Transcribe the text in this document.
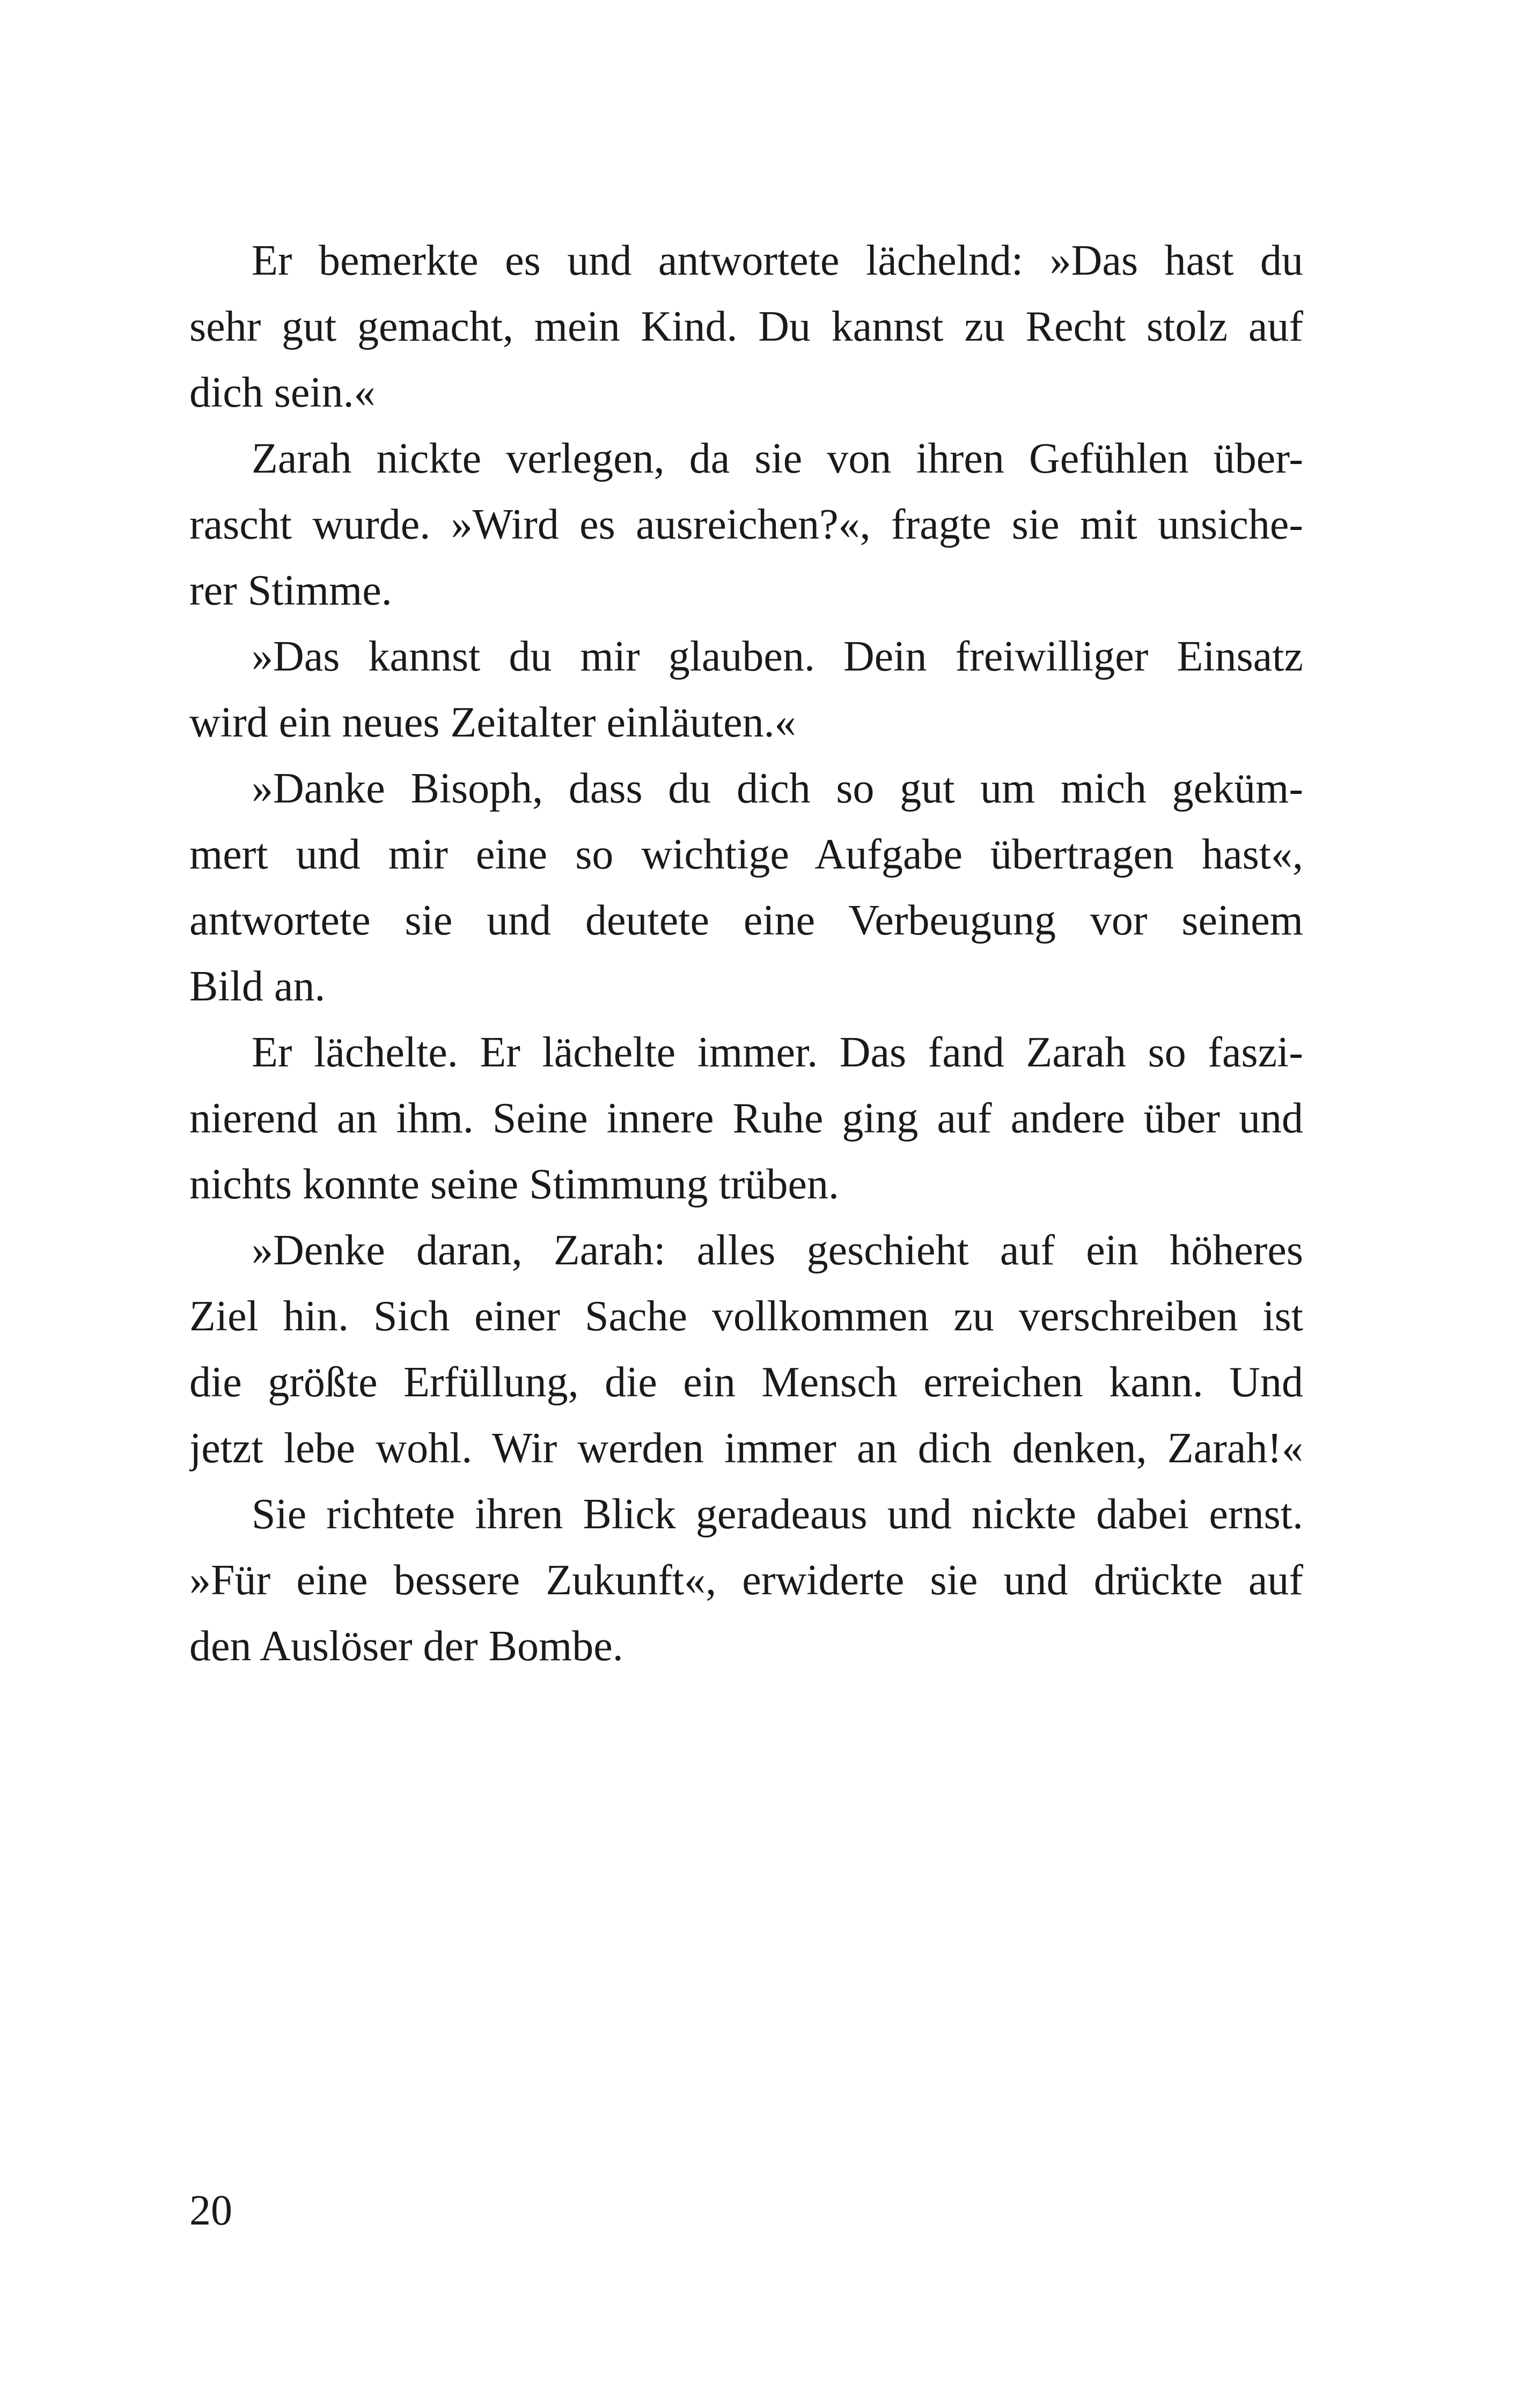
Er bemerkte es und antwortete lächelnd: »Das hast du
sehr gut gemacht, mein Kind. Du kannst zu Recht stolz auf
dich sein.«
Zarah nickte verlegen, da sie von ihren Gefühlen über-
rascht wurde. »Wird es ausreichen?«, fragte sie mit unsiche-
rer Stimme.
»Das kannst du mir glauben. Dein freiwilliger Einsatz
wird ein neues Zeitalter einläuten.«
»Danke Bisoph, dass du dich so gut um mich geküm-
mert und mir eine so wichtige Aufgabe übertragen hast«,
antwortete sie und deutete eine Verbeugung vor seinem
Bild an.
Er lächelte. Er lächelte immer. Das fand Zarah so faszi-
nierend an ihm. Seine innere Ruhe ging auf andere über und
nichts konnte seine Stimmung trüben.
»Denke daran, Zarah: alles geschieht auf ein höheres
Ziel hin. Sich einer Sache vollkommen zu verschreiben ist
die größte Erfüllung, die ein Mensch erreichen kann. Und
jetzt lebe wohl. Wir werden immer an dich denken, Zarah!«
Sie richtete ihren Blick geradeaus und nickte dabei ernst.
»Für eine bessere Zukunft«, erwiderte sie und drückte auf
den Auslöser der Bombe.
20
